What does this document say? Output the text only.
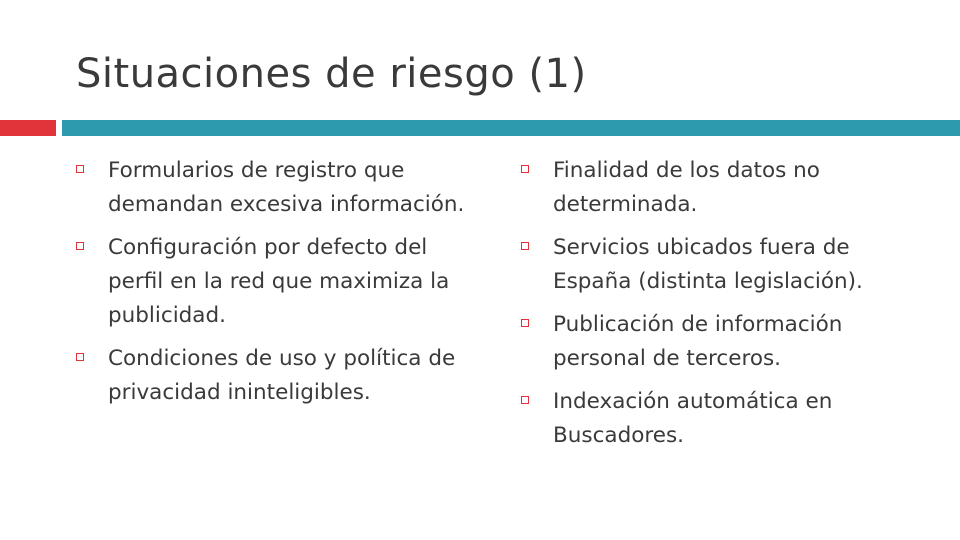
Situaciones de riesgo (1)
Formularios de registro que demandan excesiva información.
Configuración por defecto del perfil en la red que maximiza la publicidad.
Condiciones de uso y política de privacidad ininteligibles.
Finalidad de los datos no determinada.
Servicios ubicados fuera de España (distinta legislación).
Publicación de información personal de terceros.
Indexación automática en Buscadores.
